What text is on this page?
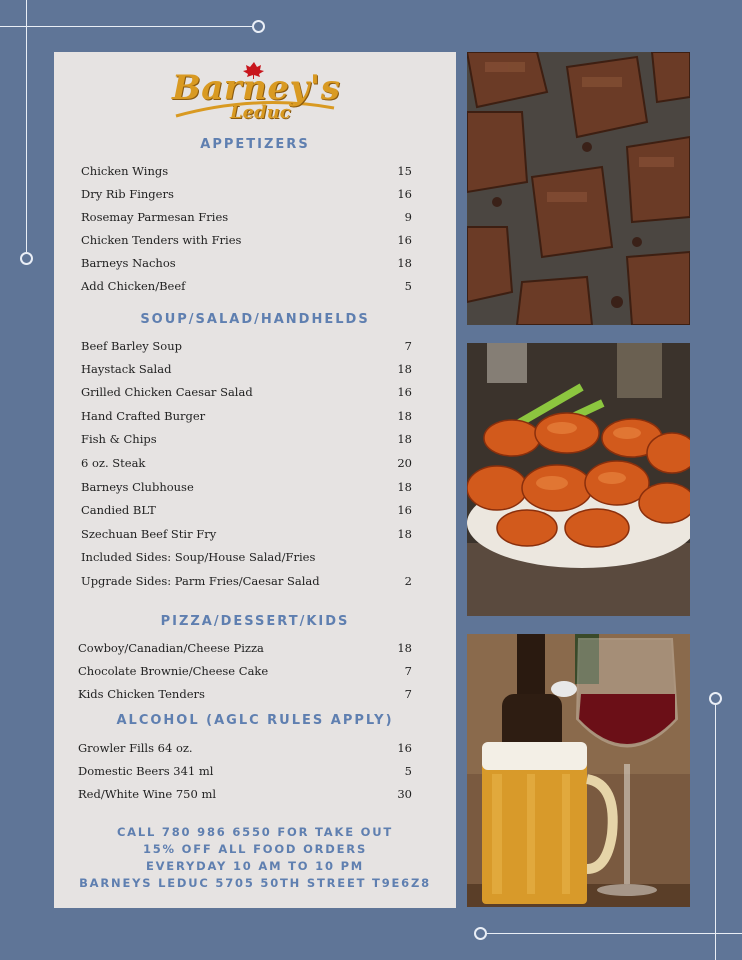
Barney's
Leduc
APPETIZERS
Chicken Wings	15
Dry Rib Fingers	16
Rosemay Parmesan Fries	9
Chicken Tenders with Fries	16
Barneys Nachos	18
Add Chicken/Beef	5
SOUP/SALAD/HANDHELDS
Beef Barley Soup	7
Haystack Salad	18
Grilled Chicken Caesar Salad	16
Hand Crafted Burger	18
Fish & Chips	18
6 oz. Steak	20
Barneys Clubhouse	18
Candied BLT	16
Szechuan Beef Stir Fry	18
Included Sides: Soup/House Salad/Fries
Upgrade Sides: Parm Fries/Caesar Salad	2
PIZZA/DESSERT/KIDS
Cowboy/Canadian/Cheese Pizza	18
Chocolate Brownie/Cheese Cake	7
Kids Chicken Tenders	7
ALCOHOL (AGLC RULES APPLY)
Growler Fills 64 oz.	16
Domestic Beers 341 ml	5
Red/White Wine 750 ml	30
CALL 780 986 6550 FOR TAKE OUT
15% OFF ALL FOOD ORDERS
EVERYDAY 10 AM TO 10 PM
BARNEYS LEDUC 5705 50TH STREET T9E6Z8
